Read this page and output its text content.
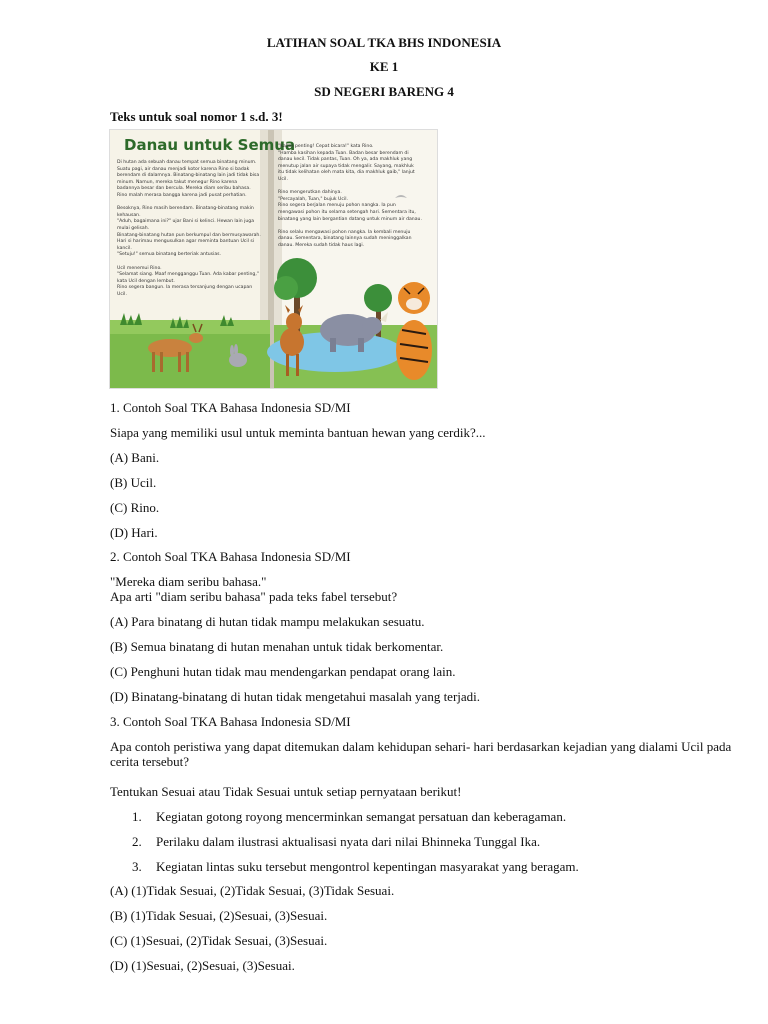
LATIHAN SOAL TKA BHS INDONESIA
KE 1
SD NEGERI BARENG 4
Teks untuk soal nomor 1 s.d. 3!
Danau untuk Semua
Di hutan ada sebuah danau tempat semua binatang minum.
Suatu pagi, air danau menjadi kotor karena Rino si badak
berendam di dalamnya. Binatang-binatang lain jadi tidak bisa
minum. Namun, mereka takut menegur Rino karena
badannya besar dan bercula. Mereka diam seribu bahasa.
Rino malah merasa bangga karena jadi pusat perhatian.

Besoknya, Rino masih berendam. Binatang-binatang makin
kehausan.
"Aduh, bagaimana ini?" ujar Bani si kelinci. Hewan lain juga
mulai gelisah.
Binatang-binatang hutan pun berkumpul dan bermusyawarah.
Hari si harimau mengusulkan agar meminta bantuan Ucil si
kancil.
"Setuju!" semua binatang berteriak antusias.

Ucil menemui Rino.
"Selamat siang. Maaf mengganggu Tuan. Ada kabar penting,"
kata Ucil dengan lembut.
Rino segera bangun. Ia merasa tersanjung dengan ucapan
Ucil.
"Kabar penting! Cepat bicara!" kata Rino.
"Hamba kasihan kepada Tuan. Badan besar berendam di
danau kecil. Tidak pantas, Tuan. Oh ya, ada makhluk yang
menutup jalan air supaya tidak mengalir. Sayang, makhluk
itu tidak kelihatan oleh mata kita, dia makhluk gaib," lanjut
Ucil.

Rino mengerutkan dahinya.
"Percayalah, Tuan," bujuk Ucil.
Rino segera berjalan menuju pohon nangka. Ia pun
mengawasi pohon itu selama setengah hari. Sementara itu,
binatang yang lain bergantian datang untuk minum air danau.

Rino selalu mengawasi pohon nangka. Ia kembali menuju
danau. Sementara, binatang lainnya sudah meninggalkan
danau. Mereka sudah tidak haus lagi.
1. Contoh Soal TKA Bahasa Indonesia SD/MI
Siapa yang memiliki usul untuk meminta bantuan hewan yang cerdik?...
(A) Bani.
(B) Ucil.
(C) Rino.
(D) Hari.
2. Contoh Soal TKA Bahasa Indonesia SD/MI
"Mereka diam seribu bahasa."
Apa arti "diam seribu bahasa" pada teks fabel tersebut?
(A) Para binatang di hutan tidak mampu melakukan sesuatu.
(B) Semua binatang di hutan menahan untuk tidak berkomentar.
(C) Penghuni hutan tidak mau mendengarkan pendapat orang lain.
(D) Binatang-binatang di hutan tidak mengetahui masalah yang terjadi.
3. Contoh Soal TKA Bahasa Indonesia SD/MI
Apa contoh peristiwa yang dapat ditemukan dalam kehidupan sehari- hari berdasarkan kejadian yang dialami Ucil pada
cerita tersebut?
Tentukan Sesuai atau Tidak Sesuai untuk setiap pernyataan berikut!
1. Kegiatan gotong royong mencerminkan semangat persatuan dan keberagaman.
2. Perilaku dalam ilustrasi aktualisasi nyata dari nilai Bhinneka Tunggal Ika.
3. Kegiatan lintas suku tersebut mengontrol kepentingan masyarakat yang beragam.
(A) (1)Tidak Sesuai, (2)Tidak Sesuai, (3)Tidak Sesuai.
(B) (1)Tidak Sesuai, (2)Sesuai, (3)Sesuai.
(C) (1)Sesuai, (2)Tidak Sesuai, (3)Sesuai.
(D) (1)Sesuai, (2)Sesuai, (3)Sesuai.
